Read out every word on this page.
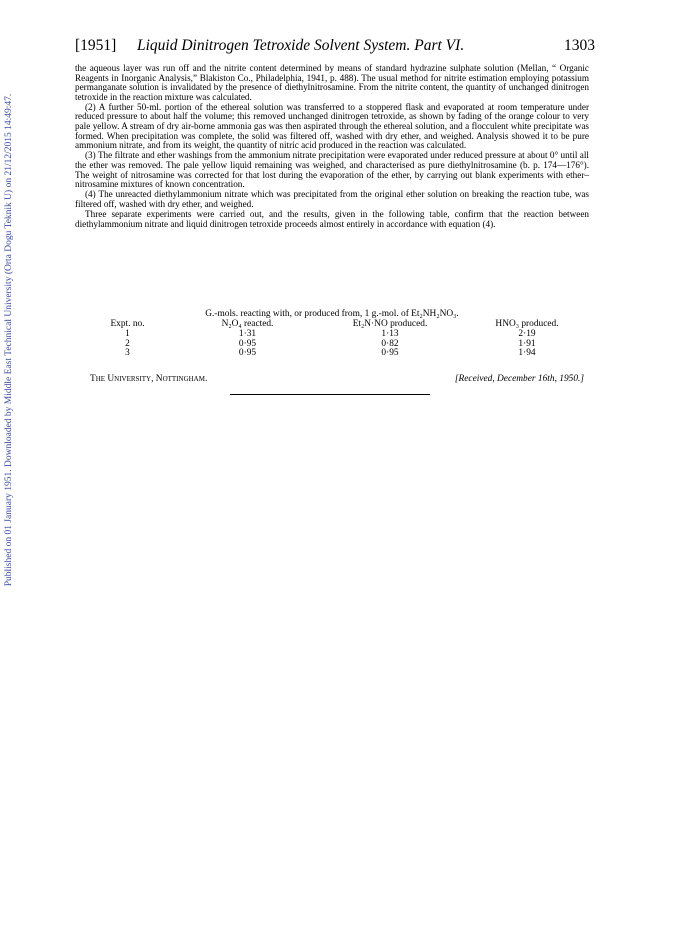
Published on 01 January 1951. Downloaded by Middle East Technical University (Orta Dogu Teknik U) on 21/12/2015 14:49:47.
[1951] Liquid Dinitrogen Tetroxide Solvent System. Part VI.	1303

the aqueous layer was run off and the nitrite content determined by means of standard hydrazine sulphate solution (Mellan, “ Organic Reagents in Inorganic Analysis,” Blakiston Co., Philadelphia, 1941, p. 488). The usual method for nitrite estimation employing potassium permanganate solution is invalidated by the presence of diethylnitrosamine. From the nitrite content, the quantity of unchanged dinitrogen tetroxide in the reaction mixture was calculated.

(2) A further 50-ml. portion of the ethereal solution was transferred to a stoppered flask and evaporated at room temperature under reduced pressure to about half the volume; this removed unchanged dinitrogen tetroxide, as shown by fading of the orange colour to very pale yellow. A stream of dry air-borne ammonia gas was then aspirated through the ethereal solution, and a flocculent white precipitate was formed. When precipitation was complete, the solid was filtered off, washed with dry ether, and weighed. Analysis showed it to be pure ammonium nitrate, and from its weight, the quantity of nitric acid produced in the reaction was calculated.

(3) The filtrate and ether washings from the ammonium nitrate precipitation were evaporated under reduced pressure at about 0° until all the ether was removed. The pale yellow liquid remaining was weighed, and characterised as pure diethylnitrosamine (b. p. 174—176°). The weight of nitrosamine was corrected for that lost during the evaporation of the ether, by carrying out blank experiments with ether–nitrosamine mixtures of known concentration.

(4) The unreacted diethylammonium nitrate which was precipitated from the original ether solution on breaking the reaction tube, was filtered off, washed with dry ether, and weighed.

Three separate experiments were carried out, and the results, given in the following table, confirm that the reaction between diethylammonium nitrate and liquid dinitrogen tetroxide proceeds almost entirely in accordance with equation (4).

G.-mols. reacting with, or produced from, 1 g.-mol. of Et₂NH₂NO₃.
Expt. no.	N₂O₄ reacted.	Et₂N·NO produced.	HNO₃ produced.
1	1·31	1·13	2·19
2	0·95	0·82	1·91
3	0·95	0·95	1·94
The University, Nottingham.	[Received, December 16th, 1950.]
